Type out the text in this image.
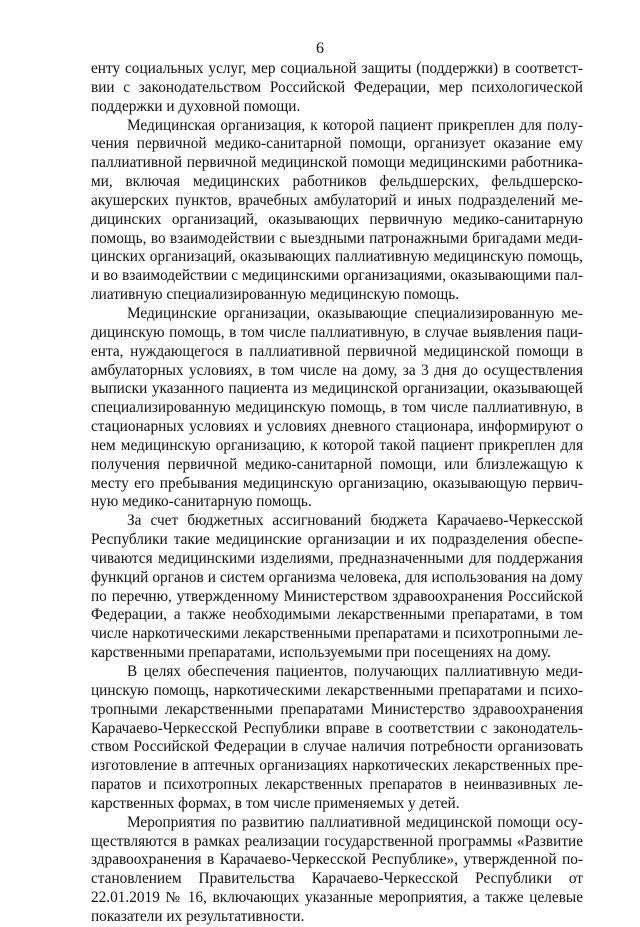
6

енту социальных услуг, мер социальной защиты (поддержки) в соответст-
вии с законодательством Российской Федерации, мер психологической
поддержки и духовной помощи.

Медицинская организация, к которой пациент прикреплен для полу-
чения первичной медико-санитарной помощи, организует оказание ему
паллиативной первичной медицинской помощи медицинскими работника-
ми, включая медицинских работников фельдшерских, фельдшерско-
акушерских пунктов, врачебных амбулаторий и иных подразделений ме-
дицинских организаций, оказывающих первичную медико-санитарную
помощь, во взаимодействии с выездными патронажными бригадами меди-
цинских организаций, оказывающих паллиативную медицинскую помощь,
и во взаимодействии с медицинскими организациями, оказывающими пал-
лиативную специализированную медицинскую помощь.

Медицинские организации, оказывающие специализированную ме-
дицинскую помощь, в том числе паллиативную, в случае выявления паци-
ента, нуждающегося в паллиативной первичной медицинской помощи в
амбулаторных условиях, в том числе на дому, за 3 дня до осуществления
выписки указанного пациента из медицинской организации, оказывающей
специализированную медицинскую помощь, в том числе паллиативную, в
стационарных условиях и условиях дневного стационара, информируют о
нем медицинскую организацию, к которой такой пациент прикреплен для
получения первичной медико-санитарной помощи, или близлежащую к
месту его пребывания медицинскую организацию, оказывающую первич-
ную медико-санитарную помощь.

За счет бюджетных ассигнований бюджета Карачаево-Черкесской
Республики такие медицинские организации и их подразделения обеспе-
чиваются медицинскими изделиями, предназначенными для поддержания
функций органов и систем организма человека, для использования на дому
по перечню, утвержденному Министерством здравоохранения Российской
Федерации, а также необходимыми лекарственными препаратами, в том
числе наркотическими лекарственными препаратами и психотропными ле-
карственными препаратами, используемыми при посещениях на дому.

В целях обеспечения пациентов, получающих паллиативную меди-
цинскую помощь, наркотическими лекарственными препаратами и психо-
тропными лекарственными препаратами Министерство здравоохранения
Карачаево-Черкесской Республики вправе в соответствии с законодатель-
ством Российской Федерации в случае наличия потребности организовать
изготовление в аптечных организациях наркотических лекарственных пре-
паратов и психотропных лекарственных препаратов в неинвазивных ле-
карственных формах, в том числе применяемых у детей.

Мероприятия по развитию паллиативной медицинской помощи осу-
ществляются в рамках реализации государственной программы «Развитие
здравоохранения в Карачаево-Черкесской Республике», утвержденной по-
становлением Правительства Карачаево-Черкесской Республики от
22.01.2019 № 16, включающих указанные мероприятия, а также целевые
показатели их результативности.
